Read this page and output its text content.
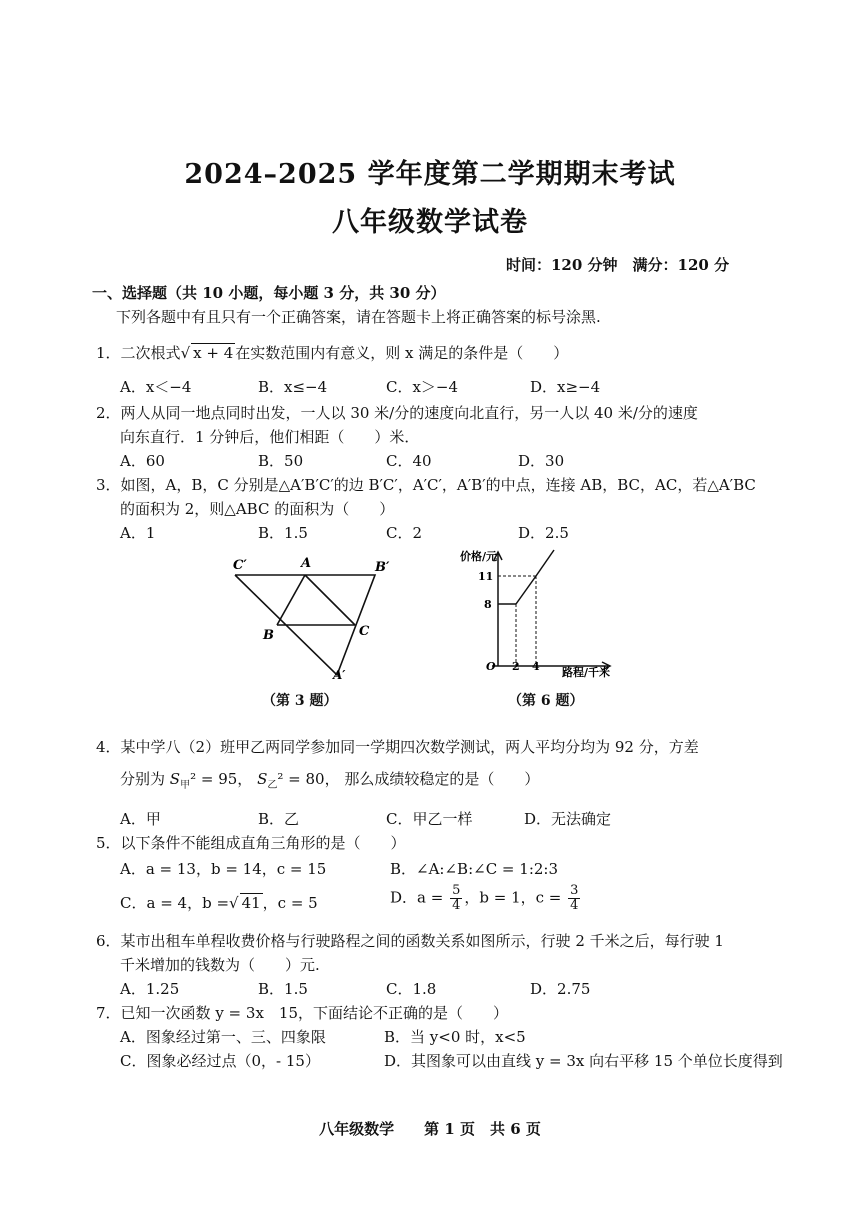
2024–2025 学年度第二学期期末考试
八年级数学试卷
时间：120 分钟　满分：120 分
一、选择题（共 10 小题，每小题 3 分，共 30 分）
下列各题中有且只有一个正确答案，请在答题卡上将正确答案的标号涂黑.
1．二次根式√ x + 4 在实数范围内有意义，则 x 满足的条件是（　　）
A．x＜−4	B．x≤−4	C．x＞−4	D．x≥−4
2．两人从同一地点同时出发，一人以 30 米/分的速度向北直行，另一人以 40 米/分的速度
向东直行．1 分钟后，他们相距（　　）米．
A．60	B．50	C．40	D．30
3．如图，A，B，C 分别是△A′B′C′的边 B′C′，A′C′，A′B′的中点，连接 AB，BC，AC，若△A′BC
的面积为 2，则△ABC 的面积为（　　）
A．1	B．1.5	C．2	D．2.5
C′	A	B′
B	C
A′
（第 3 题）
价格/元
11
8
O 2 4 路程/千米
（第 6 题）
4．某中学八（2）班甲乙两同学参加同一学期四次数学测试，两人平均分均为 92 分，方差
分别为 $S_甲^2 = 95$， $S_乙^2 = 80$， 那么成绩较稳定的是（　　）
A．甲	B．乙	C．甲乙一样	D．无法确定
5．以下条件不能组成直角三角形的是（　　）
A．a = 13，b = 14，c = 15	B．∠A:∠B:∠C = 1:2:3
C．a = 4，b =√ 41 ，c = 5	D．$a = \frac{5}{4}$ ，b = 1，$c = \frac{3}{4}$
6．某市出租车单程收费价格与行驶路程之间的函数关系如图所示，行驶 2 千米之后，每行驶 1
千米增加的钱数为（　　）元.
A．1.25	B．1.5	C．1.8	D．2.75
7．已知一次函数 y = 3x　15，下面结论不正确的是（　　）
A．图象经过第一、三、四象限	B．当 y<0 时，x<5
C．图象必经过点（0，- 15）	D．其图象可以由直线 y = 3x 向右平移 15 个单位长度得到
八年级数学　　第 1 页　共 6 页
